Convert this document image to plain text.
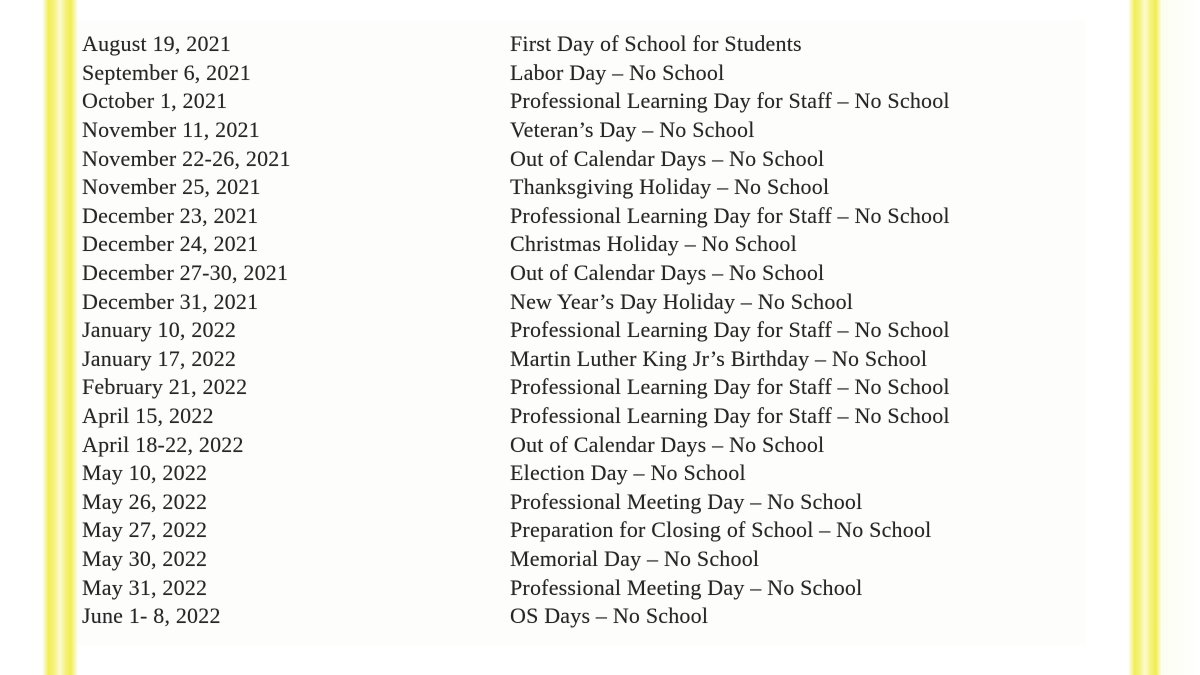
August 19, 2021	First Day of School for Students
September 6, 2021	Labor Day – No School
October 1, 2021	Professional Learning Day for Staff – No School
November 11, 2021	Veteran’s Day – No School
November 22-26, 2021	Out of Calendar Days – No School
November 25, 2021	Thanksgiving Holiday – No School
December 23, 2021	Professional Learning Day for Staff – No School
December 24, 2021	Christmas Holiday – No School
December 27-30, 2021	Out of Calendar Days – No School
December 31, 2021	New Year’s Day Holiday – No School
January 10, 2022	Professional Learning Day for Staff – No School
January 17, 2022	Martin Luther King Jr’s Birthday – No School
February 21, 2022	Professional Learning Day for Staff – No School
April 15, 2022	Professional Learning Day for Staff – No School
April 18-22, 2022	Out of Calendar Days – No School
May 10, 2022	Election Day – No School
May 26, 2022	Professional Meeting Day – No School
May 27, 2022	Preparation for Closing of School – No School
May 30, 2022	Memorial Day – No School
May 31, 2022	Professional Meeting Day – No School
June 1- 8, 2022	OS Days – No School
